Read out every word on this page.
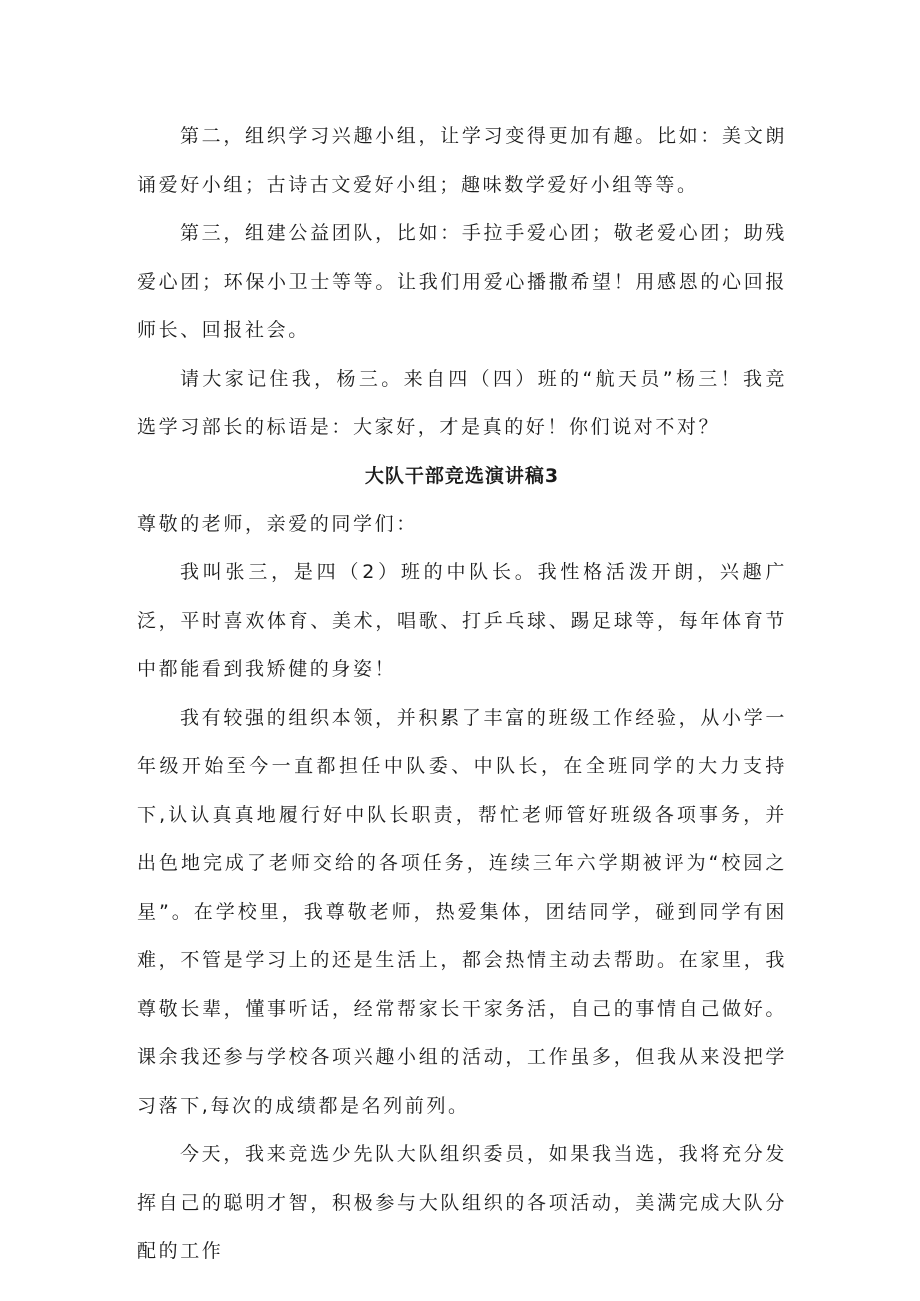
第二，组织学习兴趣小组，让学习变得更加有趣。比如：美文朗诵爱好小组；古诗古文爱好小组；趣味数学爱好小组等等。

第三，组建公益团队，比如：手拉手爱心团；敬老爱心团；助残爱心团；环保小卫士等等。让我们用爱心播撒希望！用感恩的心回报师长、回报社会。

请大家记住我，杨三。来自四（四）班的“航天员”杨三！我竞选学习部长的标语是：大家好，才是真的好！你们说对不对？

大队干部竞选演讲稿3

尊敬的老师，亲爱的同学们：

我叫张三，是四（2）班的中队长。我性格活泼开朗，兴趣广泛，平时喜欢体育、美术，唱歌、打乒乓球、踢足球等，每年体育节中都能看到我矫健的身姿！

我有较强的组织本领，并积累了丰富的班级工作经验，从小学一年级开始至今一直都担任中队委、中队长，在全班同学的大力支持下,认认真真地履行好中队长职责，帮忙老师管好班级各项事务，并出色地完成了老师交给的各项任务，连续三年六学期被评为“校园之星”。在学校里，我尊敬老师，热爱集体，团结同学，碰到同学有困难，不管是学习上的还是生活上，都会热情主动去帮助。在家里，我尊敬长辈，懂事听话，经常帮家长干家务活，自己的事情自己做好。课余我还参与学校各项兴趣小组的活动，工作虽多，但我从来没把学习落下,每次的成绩都是名列前列。

今天，我来竞选少先队大队组织委员，如果我当选，我将充分发挥自己的聪明才智，积极参与大队组织的各项活动，美满完成大队分配的工作
